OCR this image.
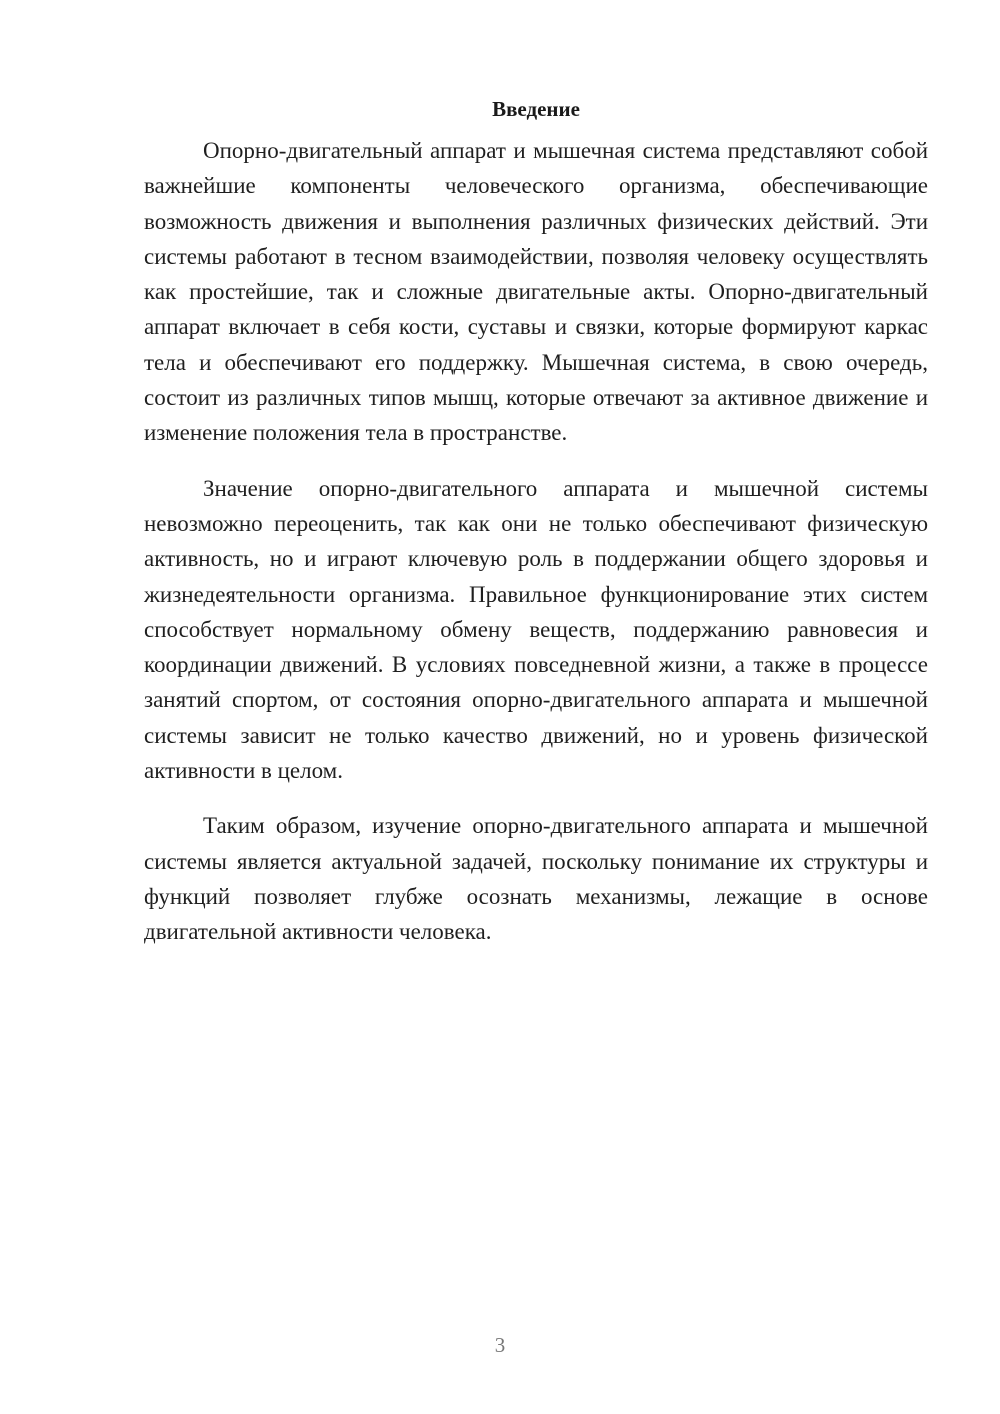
Введение

Опорно-двигательный аппарат и мышечная система представляют собой важнейшие компоненты человеческого организма, обеспечивающие возможность движения и выполнения различных физических действий. Эти системы работают в тесном взаимодействии, позволяя человеку осуществлять как простейшие, так и сложные двигательные акты. Опорно-двигательный аппарат включает в себя кости, суставы и связки, которые формируют каркас тела и обеспечивают его поддержку. Мышечная система, в свою очередь, состоит из различных типов мышц, которые отвечают за активное движение и изменение положения тела в пространстве.

Значение опорно-двигательного аппарата и мышечной системы невозможно переоценить, так как они не только обеспечивают физическую активность, но и играют ключевую роль в поддержании общего здоровья и жизнедеятельности организма. Правильное функционирование этих систем способствует нормальному обмену веществ, поддержанию равновесия и координации движений. В условиях повседневной жизни, а также в процессе занятий спортом, от состояния опорно-двигательного аппарата и мышечной системы зависит не только качество движений, но и уровень физической активности в целом.

Таким образом, изучение опорно-двигательного аппарата и мышечной системы является актуальной задачей, поскольку понимание их структуры и функций позволяет глубже осознать механизмы, лежащие в основе двигательной активности человека.

3
